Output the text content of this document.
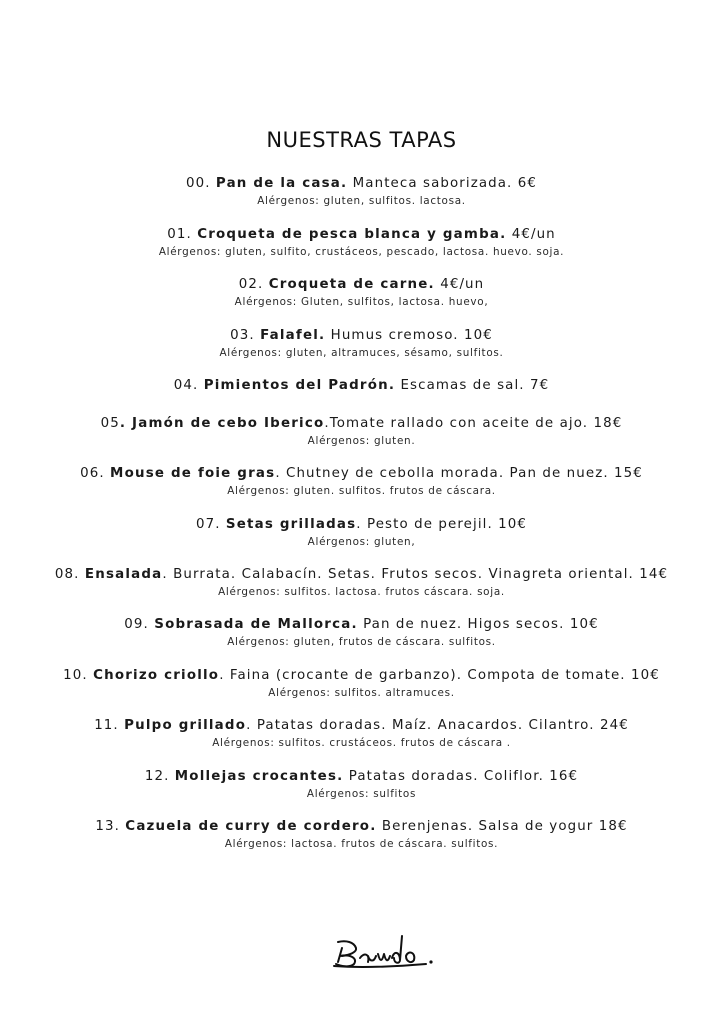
NUESTRAS TAPAS
00. Pan de la casa. Manteca saborizada. 6€
Alérgenos: gluten, sulfitos. lactosa.
01. Croqueta de pesca blanca y gamba. 4€/un
Alérgenos: gluten, sulfito, crustáceos, pescado, lactosa. huevo. soja.
02. Croqueta de carne. 4€/un
Alérgenos: Gluten, sulfitos, lactosa. huevo,
03. Falafel. Humus cremoso. 10€
Alérgenos: gluten, altramuces, sésamo, sulfitos.
04. Pimientos del Padrón. Escamas de sal. 7€
05. Jamón de cebo Iberico.Tomate rallado con aceite de ajo. 18€
Alérgenos: gluten.
06. Mouse de foie gras. Chutney de cebolla morada. Pan de nuez. 15€
Alérgenos: gluten. sulfitos. frutos de cáscara.
07. Setas grilladas. Pesto de perejil. 10€
Alérgenos: gluten,
08. Ensalada. Burrata. Calabacín. Setas. Frutos secos. Vinagreta oriental. 14€
Alérgenos: sulfitos. lactosa. frutos cáscara. soja.
09. Sobrasada de Mallorca. Pan de nuez. Higos secos. 10€
Alérgenos: gluten, frutos de cáscara. sulfitos.
10. Chorizo criollo. Faina (crocante de garbanzo). Compota de tomate. 10€
Alérgenos: sulfitos. altramuces.
11. Pulpo grillado. Patatas doradas. Maíz. Anacardos. Cilantro. 24€
Alérgenos: sulfitos. crustáceos. frutos de cáscara .
12. Mollejas crocantes. Patatas doradas. Coliflor. 16€
Alérgenos: sulfitos
13. Cazuela de curry de cordero. Berenjenas. Salsa de yogur 18€
Alérgenos: lactosa. frutos de cáscara. sulfitos.
